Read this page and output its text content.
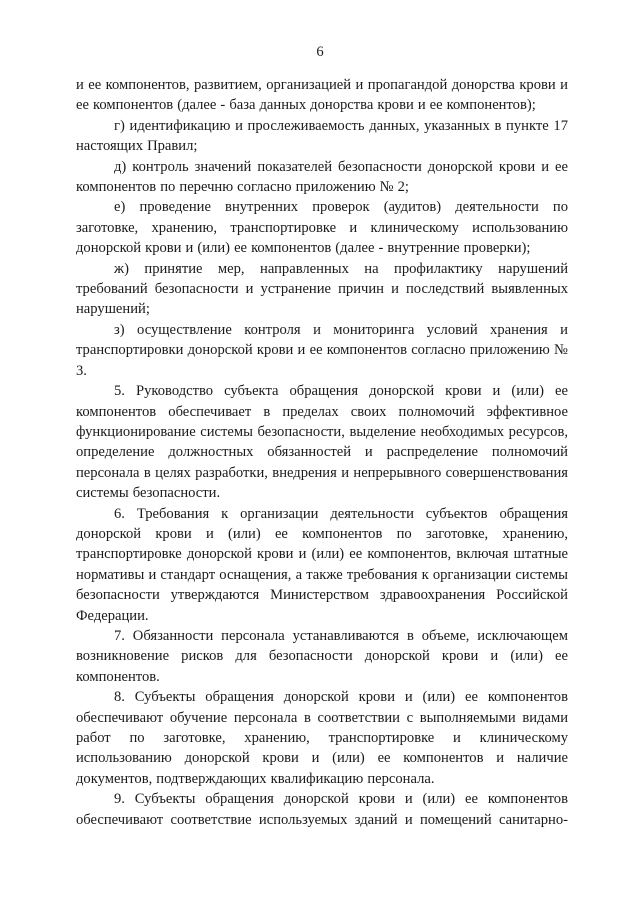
6

и ее компонентов, развитием, организацией и пропагандой донорства крови и ее компонентов (далее - база данных донорства крови и ее компонентов);

г) идентификацию и прослеживаемость данных, указанных в пункте 17 настоящих Правил;

д) контроль значений показателей безопасности донорской крови и ее компонентов по перечню согласно приложению № 2;

е) проведение внутренних проверок (аудитов) деятельности по заготовке, хранению, транспортировке и клиническому использованию донорской крови и (или) ее компонентов (далее - внутренние проверки);

ж) принятие мер, направленных на профилактику нарушений требований безопасности и устранение причин и последствий выявленных нарушений;

з) осуществление контроля и мониторинга условий хранения и транспортировки донорской крови и ее компонентов согласно приложению № 3.

5. Руководство субъекта обращения донорской крови и (или) ее компонентов обеспечивает в пределах своих полномочий эффективное функционирование системы безопасности, выделение необходимых ресурсов, определение должностных обязанностей и распределение полномочий персонала в целях разработки, внедрения и непрерывного совершенствования системы безопасности.

6. Требования к организации деятельности субъектов обращения донорской крови и (или) ее компонентов по заготовке, хранению, транспортировке донорской крови и (или) ее компонентов, включая штатные нормативы и стандарт оснащения, а также требования к организации системы безопасности утверждаются Министерством здравоохранения Российской Федерации.

7. Обязанности персонала устанавливаются в объеме, исключающем возникновение рисков для безопасности донорской крови и (или) ее компонентов.

8. Субъекты обращения донорской крови и (или) ее компонентов обеспечивают обучение персонала в соответствии с выполняемыми видами работ по заготовке, хранению, транспортировке и клиническому использованию донорской крови и (или) ее компонентов и наличие документов, подтверждающих квалификацию персонала.

9. Субъекты обращения донорской крови и (или) ее компонентов обеспечивают соответствие используемых зданий и помещений санитарно-
